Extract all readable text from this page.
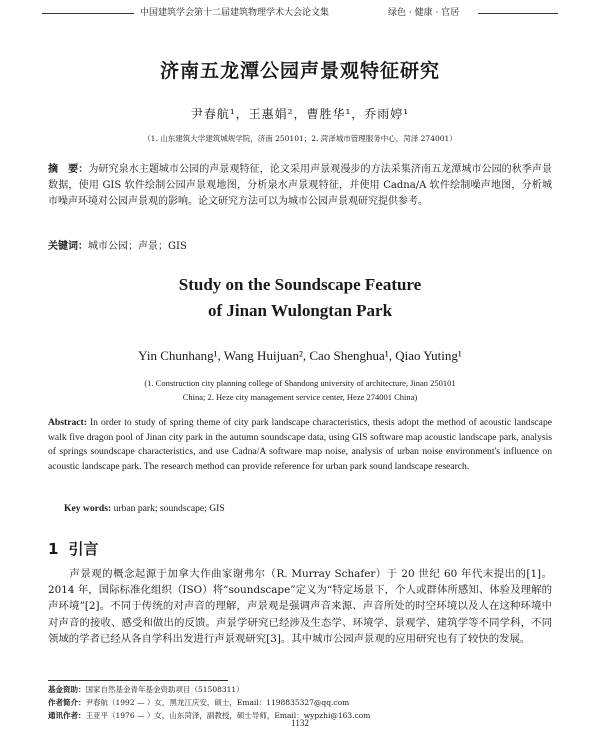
中国建筑学会第十二届建筑物理学术大会论文集	绿色 · 健康 · 官居
济南五龙潭公园声景观特征研究
尹春航¹，王惠娟²，曹胜华¹，乔雨婷¹
（1. 山东建筑大学建筑城规学院，济南 250101；2. 菏泽城市管理服务中心，菏泽 274001）
摘　要：为研究泉水主题城市公园的声景观特征，论文采用声景观漫步的方法采集济南五龙潭城市公园的秋季声景数据，使用 GIS 软件绘制公园声景观地图，分析泉水声景观特征，并使用 Cadna/A 软件绘制噪声地图，分析城市噪声环境对公园声景观的影响。论文研究方法可以为城市公园声景观研究提供参考。
关键词：城市公园；声景；GIS
Study on the Soundscape Feature
of Jinan Wulongtan Park
Yin Chunhang¹, Wang Huijuan², Cao Shenghua¹, Qiao Yuting¹
(1. Construction city planning college of Shandong university of architecture, Jinan 250101
China; 2. Heze city management service center, Heze 274001 China)
Abstract: In order to study of spring theme of city park landscape characteristics, thesis adopt the method of acoustic landscape walk five dragon pool of Jinan city park in the autumn soundscape data, using GIS software map acoustic landscape park, analysis of springs soundscape characteristics, and use Cadna/A software map noise, analysis of urban noise environment's influence on acoustic landscape park. The research method can provide reference for urban park sound landscape research.
Key words: urban park; soundscape; GIS
1 引言
声景观的概念起源于加拿大作曲家谢弗尔（R. Murray Schafer）于 20 世纪 60 年代末提出的[1]。2014 年，国际标准化组织（ISO）将“soundscape”定义为“特定场景下，个人或群体所感知、体验及理解的声环境”[2]。不同于传统的对声音的理解，声景观是强调声音来源、声音所处的时空环境以及人在这种环境中对声音的接收、感受和做出的反馈。声景学研究已经涉及生态学、环境学、景观学、建筑学等不同学科，不同领域的学者已经从各自学科出发进行声景观研究[3]。其中城市公园声景观的应用研究也有了较快的发展。
基金资助：国家自然基金青年基金资助项目（51508311）
作者简介：尹春航（1992 — ）女，黑龙江庆安，硕士，Email：1198835327@qq.com
通讯作者：王亚平（1976 — ）女，山东菏泽，副教授，硕士导师，Email：wypzhi@163.com
1132
